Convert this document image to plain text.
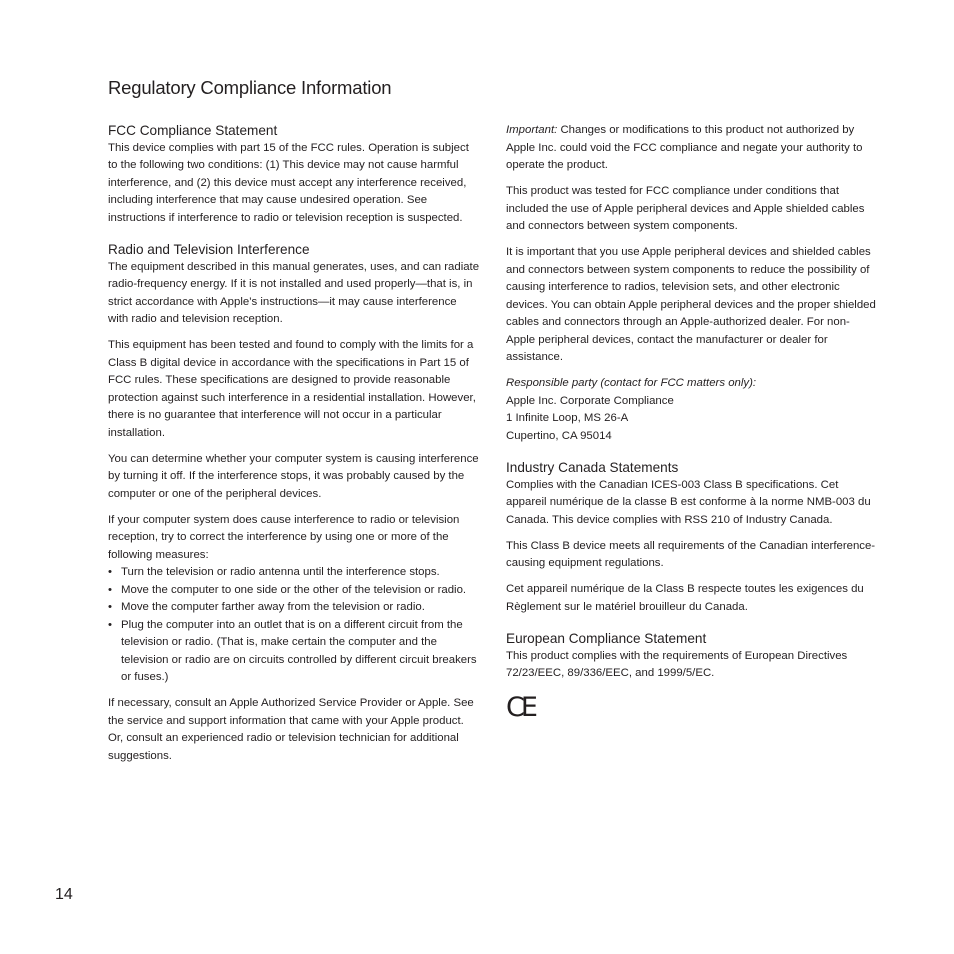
Regulatory Compliance Information
FCC Compliance Statement

This device complies with part 15 of the FCC rules. Operation is subject to the following two conditions: (1) This device may not cause harmful interference, and (2) this device must accept any interference received, including interference that may cause undesired operation. See instructions if interference to radio or television reception is suspected.

Radio and Television Interference

The equipment described in this manual generates, uses, and can radiate radio-frequency energy. If it is not installed and used properly—that is, in strict accordance with Apple’s instructions—it may cause interference with radio and television reception.

This equipment has been tested and found to comply with the limits for a Class B digital device in accordance with the specifications in Part 15 of FCC rules. These specifications are designed to provide reasonable protection against such interference in a residential installation. However, there is no guarantee that interference will not occur in a particular installation.

You can determine whether your computer system is causing interference by turning it off. If the interference stops, it was probably caused by the computer or one of the peripheral devices.

If your computer system does cause interference to radio or television reception, try to correct the interference by using one or more of the following measures:

• Turn the television or radio antenna until the interference stops.
• Move the computer to one side or the other of the television or radio.
• Move the computer farther away from the television or radio.
• Plug the computer into an outlet that is on a different circuit from the television or radio. (That is, make certain the computer and the television or radio are on circuits controlled by different circuit breakers or fuses.)

If necessary, consult an Apple Authorized Service Provider or Apple. See the service and support information that came with your Apple product. Or, consult an experienced radio or television technician for additional suggestions.

Important: Changes or modifications to this product not authorized by Apple Inc. could void the FCC compliance and negate your authority to operate the product.

This product was tested for FCC compliance under conditions that included the use of Apple peripheral devices and Apple shielded cables and connectors between system components.

It is important that you use Apple peripheral devices and shielded cables and connectors between system components to reduce the possibility of causing interference to radios, television sets, and other electronic devices. You can obtain Apple peripheral devices and the proper shielded cables and connectors through an Apple-authorized dealer. For non-Apple peripheral devices, contact the manufacturer or dealer for assistance.

Responsible party (contact for FCC matters only):
Apple Inc. Corporate Compliance
1 Infinite Loop, MS 26-A
Cupertino, CA 95014
Industry Canada Statements

Complies with the Canadian ICES-003 Class B specifications. Cet appareil numérique de la classe B est conforme à la norme NMB-003 du Canada. This device complies with RSS 210 of Industry Canada.

This Class B device meets all requirements of the Canadian interference-causing equipment regulations.

Cet appareil numérique de la Class B respecte toutes les exigences du Règlement sur le matériel brouilleur du Canada.

European Compliance Statement

This product complies with the requirements of European Directives 72/23/EEC, 89/336/EEC, and 1999/5/EC.

CE
14
